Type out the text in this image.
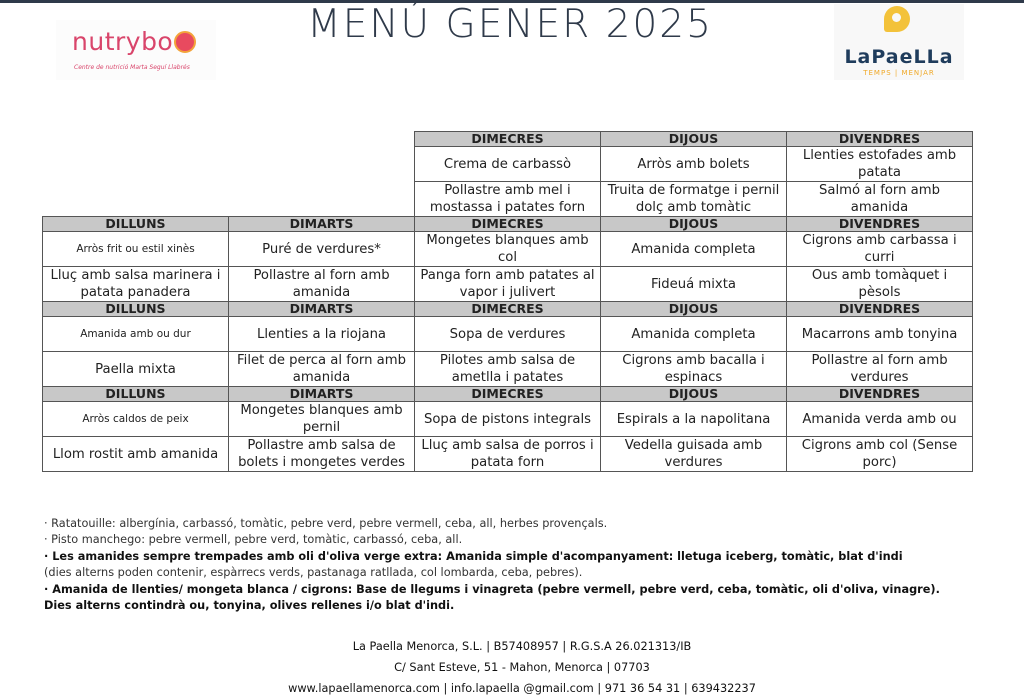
nutrybo
Centre de nutrició Marta Seguí Llabrés
MENÚ GENER 2025
LaPaeLLa
TEMPS | MENJAR
		DIMECRES	DIJOUS	DIVENDRES
		Crema de carbassò	Arròs amb bolets	Llenties estofades amb patata
		Pollastre amb mel i mostassa i patates forn	Truita de formatge i pernil dolç amb tomàtic	Salmó al forn amb amanida
DILLUNS	DIMARTS	DIMECRES	DIJOUS	DIVENDRES
Arròs frit ou estil xinès	Puré de verdures*	Mongetes blanques amb col	Amanida completa	Cigrons amb carbassa i curri
Lluç amb salsa marinera i patata panadera	Pollastre al forn amb amanida	Panga forn amb patates al vapor i julivert	Fideuá mixta	Ous amb tomàquet i pèsols
DILLUNS	DIMARTS	DIMECRES	DIJOUS	DIVENDRES
Amanida amb ou dur	Llenties a la riojana	Sopa de verdures	Amanida completa	Macarrons amb tonyina
Paella mixta	Filet de perca al forn amb amanida	Pilotes amb salsa de ametlla i patates	Cigrons amb bacalla i espinacs	Pollastre al forn amb verdures
DILLUNS	DIMARTS	DIMECRES	DIJOUS	DIVENDRES
Arròs caldos de peix	Mongetes blanques amb pernil	Sopa de pistons integrals	Espirals a la napolitana	Amanida verda amb ou
Llom rostit amb amanida	Pollastre amb salsa de bolets i mongetes verdes	Lluç amb salsa de porros i patata forn	Vedella guisada amb verdures	Cigrons amb col (Sense porc)

· Ratatouille: albergínia, carbassó, tomàtic, pebre verd, pebre vermell, ceba, all, herbes provençals.

· Pisto manchego: pebre vermell, pebre verd, tomàtic, carbassó, ceba, all.

· Les amanides sempre trempades amb oli d'oliva verge extra: Amanida simple d'acompanyament: lletuga iceberg, tomàtic, blat d'indi

(dies alterns poden contenir, espàrrecs verds, pastanaga ratllada, col lombarda, ceba, pebres).

· Amanida de llenties/ mongeta blanca / cigrons: Base de llegums i vinagreta (pebre vermell, pebre verd, ceba, tomàtic, oli d'oliva, vinagre).

Dies alterns contindrà ou, tonyina, olives rellenes i/o blat d'indi.

La Paella Menorca, S.L. | B57408957 | R.G.S.A 26.021313/IB

C/ Sant Esteve, 51 - Mahon, Menorca | 07703

www.lapaellamenorca.com | info.lapaella @gmail.com | 971 36 54 31 | 639432237
